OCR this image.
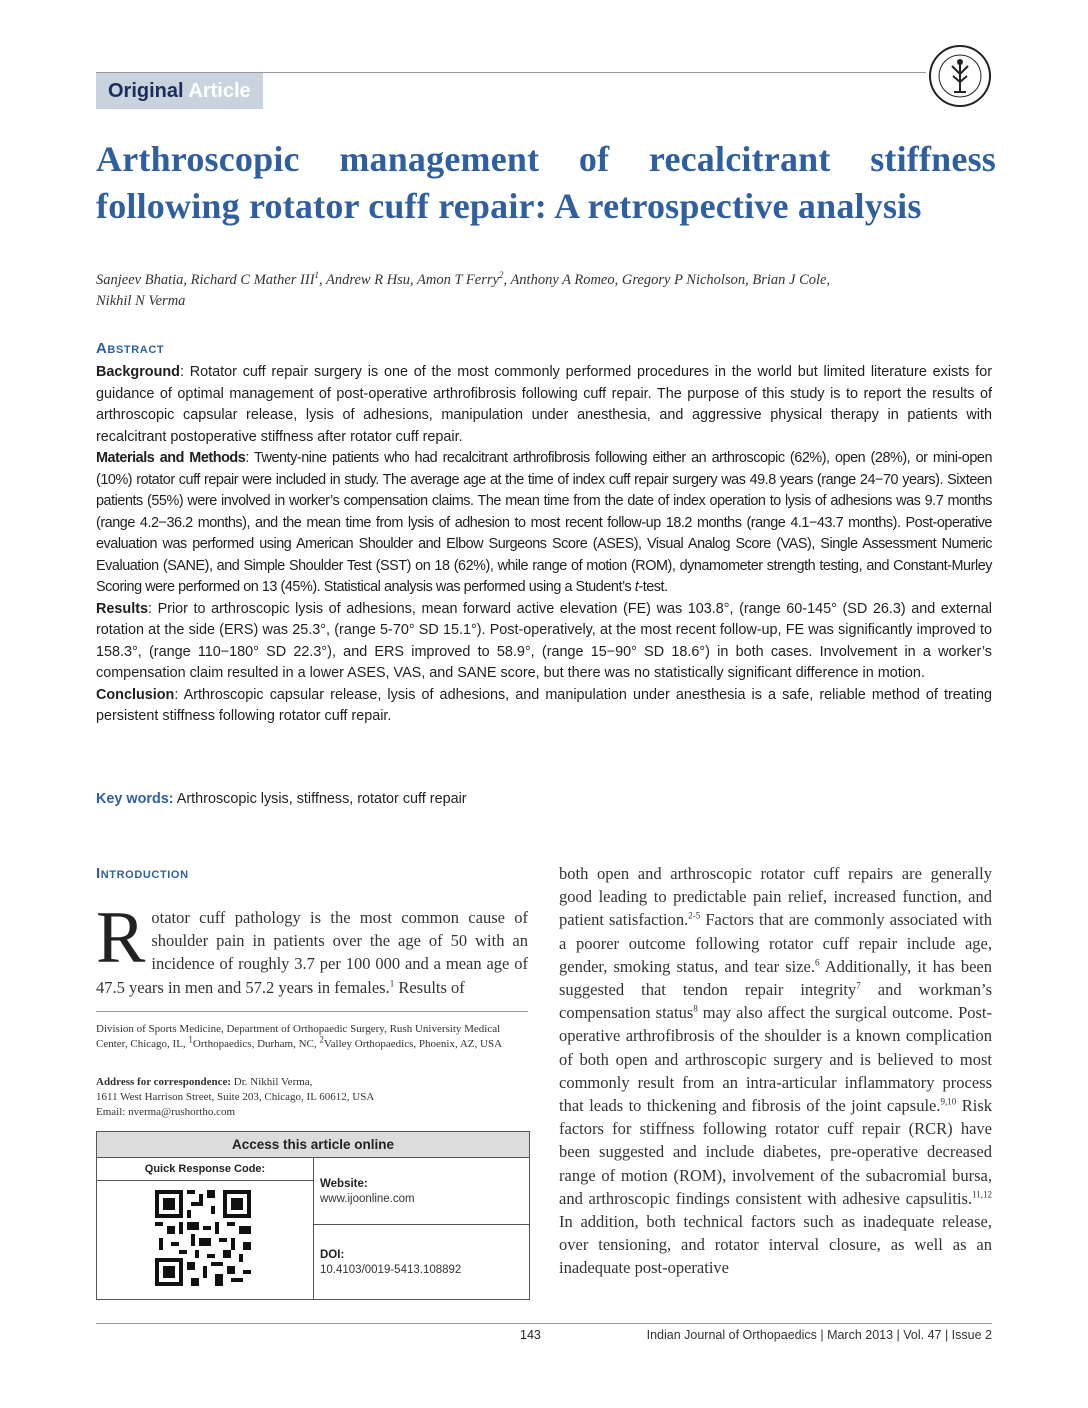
Original Article
Arthroscopic management of recalcitrant stiffness following rotator cuff repair: A retrospective analysis
Sanjeev Bhatia, Richard C Mather III$^1$, Andrew R Hsu, Amon T Ferry$^2$, Anthony A Romeo, Gregory P Nicholson, Brian J Cole,
Nikhil N Verma
Abstract

Background: Rotator cuff repair surgery is one of the most commonly performed procedures in the world but limited literature exists for guidance of optimal management of post-operative arthrofibrosis following cuff repair. The purpose of this study is to report the results of arthroscopic capsular release, lysis of adhesions, manipulation under anesthesia, and aggressive physical therapy in patients with recalcitrant postoperative stiffness after rotator cuff repair.

Materials and Methods: Twenty-nine patients who had recalcitrant arthrofibrosis following either an arthroscopic (62%), open (28%), or mini-open (10%) rotator cuff repair were included in study. The average age at the time of index cuff repair surgery was 49.8 years (range 24−70 years). Sixteen patients (55%) were involved in worker’s compensation claims. The mean time from the date of index operation to lysis of adhesions was 9.7 months (range 4.2−36.2 months), and the mean time from lysis of adhesion to most recent follow-up 18.2 months (range 4.1−43.7 months). Post-operative evaluation was performed using American Shoulder and Elbow Surgeons Score (ASES), Visual Analog Score (VAS), Single Assessment Numeric Evaluation (SANE), and Simple Shoulder Test (SST) on 18 (62%), while range of motion (ROM), dynamometer strength testing, and Constant-Murley Scoring were performed on 13 (45%). Statistical analysis was performed using a Student’s t-test.

Results: Prior to arthroscopic lysis of adhesions, mean forward active elevation (FE) was 103.8°, (range 60-145° (SD 26.3) and external rotation at the side (ERS) was 25.3°, (range 5-70° SD 15.1°). Post-operatively, at the most recent follow-up, FE was significantly improved to 158.3°, (range 110−180° SD 22.3°), and ERS improved to 58.9°, (range 15−90° SD 18.6°) in both cases. Involvement in a worker’s compensation claim resulted in a lower ASES, VAS, and SANE score, but there was no statistically significant difference in motion.

Conclusion: Arthroscopic capsular release, lysis of adhesions, and manipulation under anesthesia is a safe, reliable method of treating persistent stiffness following rotator cuff repair.

Key words: Arthroscopic lysis, stiffness, rotator cuff repair
Introduction
Rotator cuff pathology is the most common cause of shoulder pain in patients over the age of 50 with an incidence of roughly 3.7 per 100 000 and a mean age of 47.5 years in men and 57.2 years in females.$^1$ Results of
both open and arthroscopic rotator cuff repairs are generally good leading to predictable pain relief, increased function, and patient satisfaction.$^{2-5}$ Factors that are commonly associated with a poorer outcome following rotator cuff repair include age, gender, smoking status, and tear size.$^6$ Additionally, it has been suggested that tendon repair integrity$^7$ and workman’s compensation status$^8$ may also affect the surgical outcome. Post-operative arthrofibrosis of the shoulder is a known complication of both open and arthroscopic surgery and is believed to most commonly result from an intra-articular inflammatory process that leads to thickening and fibrosis of the joint capsule.$^{9,10}$ Risk factors for stiffness following rotator cuff repair (RCR) have been suggested and include diabetes, pre-operative decreased range of motion (ROM), involvement of the subacromial bursa, and arthroscopic findings consistent with adhesive capsulitis.$^{11,12}$ In addition, both technical factors such as inadequate release, over tensioning, and rotator interval closure, as well as an inadequate post-operative
Division of Sports Medicine, Department of Orthopaedic Surgery, Rush University Medical Center, Chicago, IL, $^1$Orthopaedics, Durham, NC, $^2$Valley Orthopaedics, Phoenix, AZ, USA
Address for correspondence: Dr. Nikhil Verma,
1611 West Harrison Street, Suite 203, Chicago, IL 60612, USA
Email: nverma@rushortho.com
Access this article online
Quick Response Code:
Website:
www.ijoonline.com
DOI:
10.4103/0019-5413.108892
143	Indian Journal of Orthopaedics | March 2013 | Vol. 47 | Issue 2
